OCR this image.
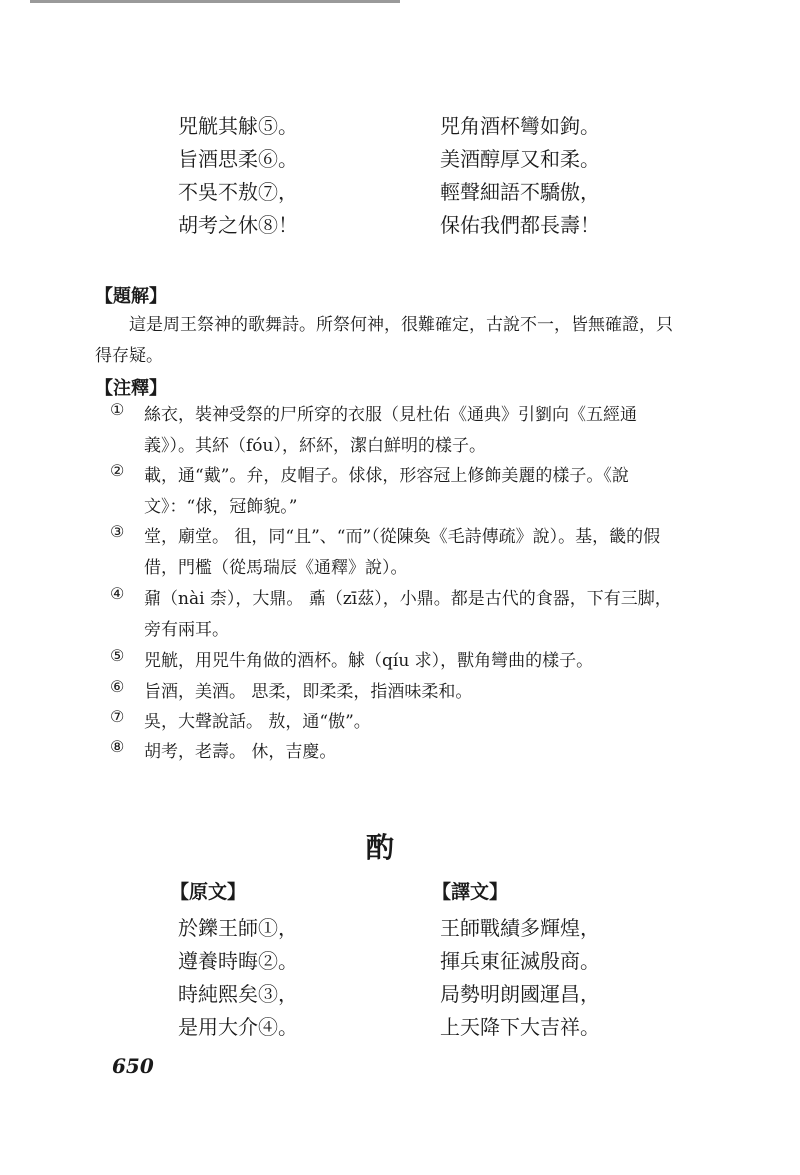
兕觥其觩⑤。	兕角酒杯彎如鉤。
旨酒思柔⑥。	美酒醇厚又和柔。
不吳不敖⑦，	輕聲細語不驕傲，
胡考之休⑧！	保佑我們都長壽！
【題解】
這是周王祭神的歌舞詩。所祭何神，很難確定，古說不一，皆無確證，只得存疑。
【注釋】
①	絲衣，裝神受祭的尸所穿的衣服（見杜佑《通典》引劉向《五經通義》）。其紑（fóu），紑紑，潔白鮮明的樣子。
②	載，通“戴”。弁，皮帽子。俅俅，形容冠上修飾美麗的樣子。《說文》：“俅，冠飾貌。”
③	堂，廟堂。 徂，同“且”、“而”（從陳奐《毛詩傳疏》說）。基，畿的假借，門檻（從馬瑞辰《通釋》說）。
④	鼐（nài 柰），大鼎。 鼒（zī茲），小鼎。都是古代的食器，下有三脚，旁有兩耳。
⑤	兕觥，用兕牛角做的酒杯。觩（qíu 求），獸角彎曲的樣子。
⑥	旨酒，美酒。 思柔，即柔柔，指酒味柔和。
⑦	吳，大聲說話。 敖，通“傲”。
⑧	胡考，老壽。 休，吉慶。
酌
【原文】	【譯文】
於鑠王師①，	王師戰績多輝煌，
遵養時晦②。	揮兵東征滅殷商。
時純熙矣③，	局勢明朗國運昌，
是用大介④。	上天降下大吉祥。
650
